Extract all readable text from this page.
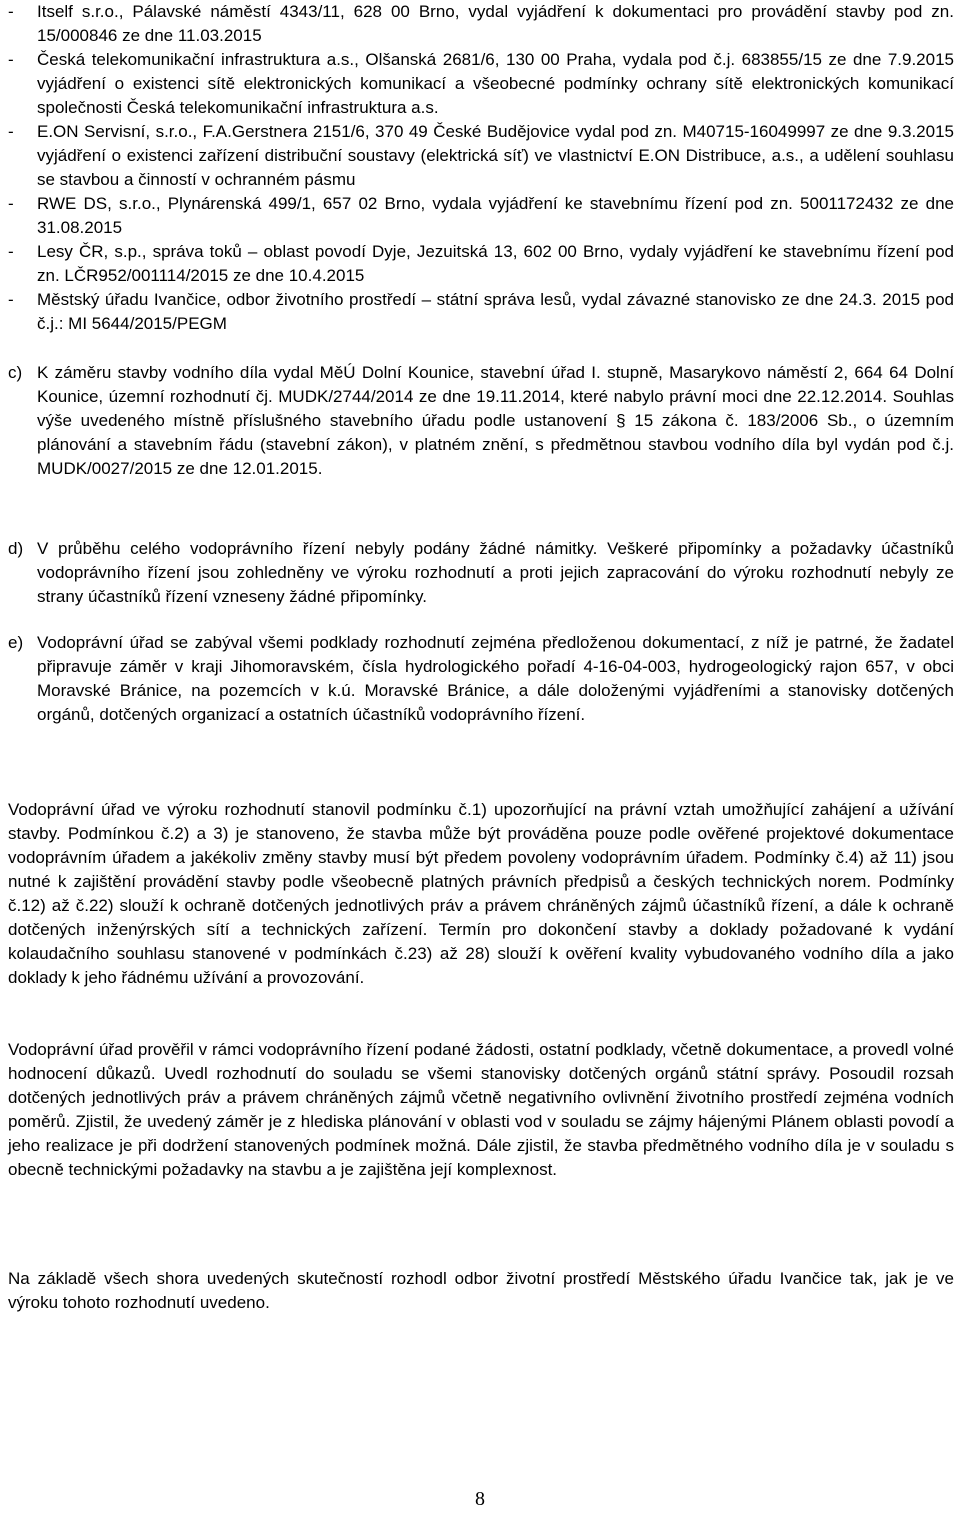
-	Itself s.r.o., Pálavské náměstí 4343/11, 628 00 Brno, vydal vyjádření k dokumentaci pro provádění stavby pod zn. 15/000846 ze dne 11.03.2015
-	Česká telekomunikační infrastruktura a.s., Olšanská 2681/6, 130 00 Praha, vydala pod č.j. 683855/15 ze dne 7.9.2015 vyjádření o existenci sítě elektronických komunikací a všeobecné podmínky ochrany sítě elektronických komunikací společnosti Česká telekomunikační infrastruktura a.s.
-	E.ON Servisní, s.r.o., F.A.Gerstnera 2151/6, 370 49 České Budějovice vydal pod zn. M40715-16049997 ze dne 9.3.2015 vyjádření o existenci zařízení distribuční soustavy (elektrická síť) ve vlastnictví E.ON Distribuce, a.s., a udělení souhlasu se stavbou a činností v ochranném pásmu
-	RWE DS, s.r.o., Plynárenská 499/1, 657 02 Brno, vydala vyjádření ke stavebnímu řízení pod zn. 5001172432 ze dne 31.08.2015
-	Lesy ČR, s.p., správa toků – oblast povodí Dyje, Jezuitská 13, 602 00 Brno, vydaly vyjádření ke stavebnímu řízení pod zn. LČR952/001114/2015 ze dne 10.4.2015
-	Městský úřadu Ivančice, odbor životního prostředí – státní správa lesů, vydal závazné stanovisko ze dne 24.3. 2015 pod č.j.: MI 5644/2015/PEGM
c) K záměru stavby vodního díla vydal MěÚ Dolní Kounice, stavební úřad I. stupně, Masarykovo náměstí 2, 664 64 Dolní Kounice, územní rozhodnutí čj. MUDK/2744/2014 ze dne 19.11.2014, které nabylo právní moci dne 22.12.2014. Souhlas výše uvedeného místně příslušného stavebního úřadu podle ustanovení § 15 zákona č. 183/2006 Sb., o územním plánování a stavebním řádu (stavební zákon), v platném znění, s předmětnou stavbou vodního díla byl vydán pod č.j. MUDK/0027/2015 ze dne 12.01.2015.
d) V průběhu celého vodoprávního řízení nebyly podány žádné námitky. Veškeré připomínky a požadavky účastníků vodoprávního řízení jsou zohledněny ve výroku rozhodnutí a proti jejich zapracování do výroku rozhodnutí nebyly ze strany účastníků řízení vzneseny žádné připomínky.
e) Vodoprávní úřad se zabýval všemi podklady rozhodnutí zejména předloženou dokumentací, z níž je patrné, že žadatel připravuje záměr v kraji Jihomoravském, čísla hydrologického pořadí 4-16-04-003, hydrogeologický rajon 657, v obci Moravské Bránice, na pozemcích v k.ú. Moravské Bránice, a dále doloženými vyjádřeními a stanovisky dotčených orgánů, dotčených organizací a ostatních účastníků vodoprávního řízení.

Vodoprávní úřad ve výroku rozhodnutí stanovil podmínku č.1) upozorňující na právní vztah umožňující zahájení a užívání stavby. Podmínkou č.2) a 3) je stanoveno, že stavba může být prováděna pouze podle ověřené projektové dokumentace vodoprávním úřadem a jakékoliv změny stavby musí být předem povoleny vodoprávním úřadem. Podmínky č.4) až 11) jsou nutné k zajištění provádění stavby podle všeobecně platných právních předpisů a českých technických norem. Podmínky č.12) až č.22) slouží k ochraně dotčených jednotlivých práv a právem chráněných zájmů účastníků řízení, a dále k ochraně dotčených inženýrských sítí a technických zařízení. Termín pro dokončení stavby a doklady požadované k vydání kolaudačního souhlasu stanovené v podmínkách č.23) až 28) slouží k ověření kvality vybudovaného vodního díla a jako doklady k jeho řádnému užívání a provozování.

Vodoprávní úřad prověřil v rámci vodoprávního řízení podané žádosti, ostatní podklady, včetně dokumentace, a provedl volné hodnocení důkazů. Uvedl rozhodnutí do souladu se všemi stanovisky dotčených orgánů státní správy. Posoudil rozsah dotčených jednotlivých práv a právem chráněných zájmů včetně negativního ovlivnění životního prostředí zejména vodních poměrů. Zjistil, že uvedený záměr je z hlediska plánování v oblasti vod v souladu se zájmy hájenými Plánem oblasti povodí a jeho realizace je při dodržení stanovených podmínek možná. Dále zjistil, že stavba předmětného vodního díla je v souladu s obecně technickými požadavky na stavbu a je zajištěna její komplexnost.

Na základě všech shora uvedených skutečností rozhodl odbor životní prostředí Městského úřadu Ivančice tak, jak je ve výroku tohoto rozhodnutí uvedeno.

8
